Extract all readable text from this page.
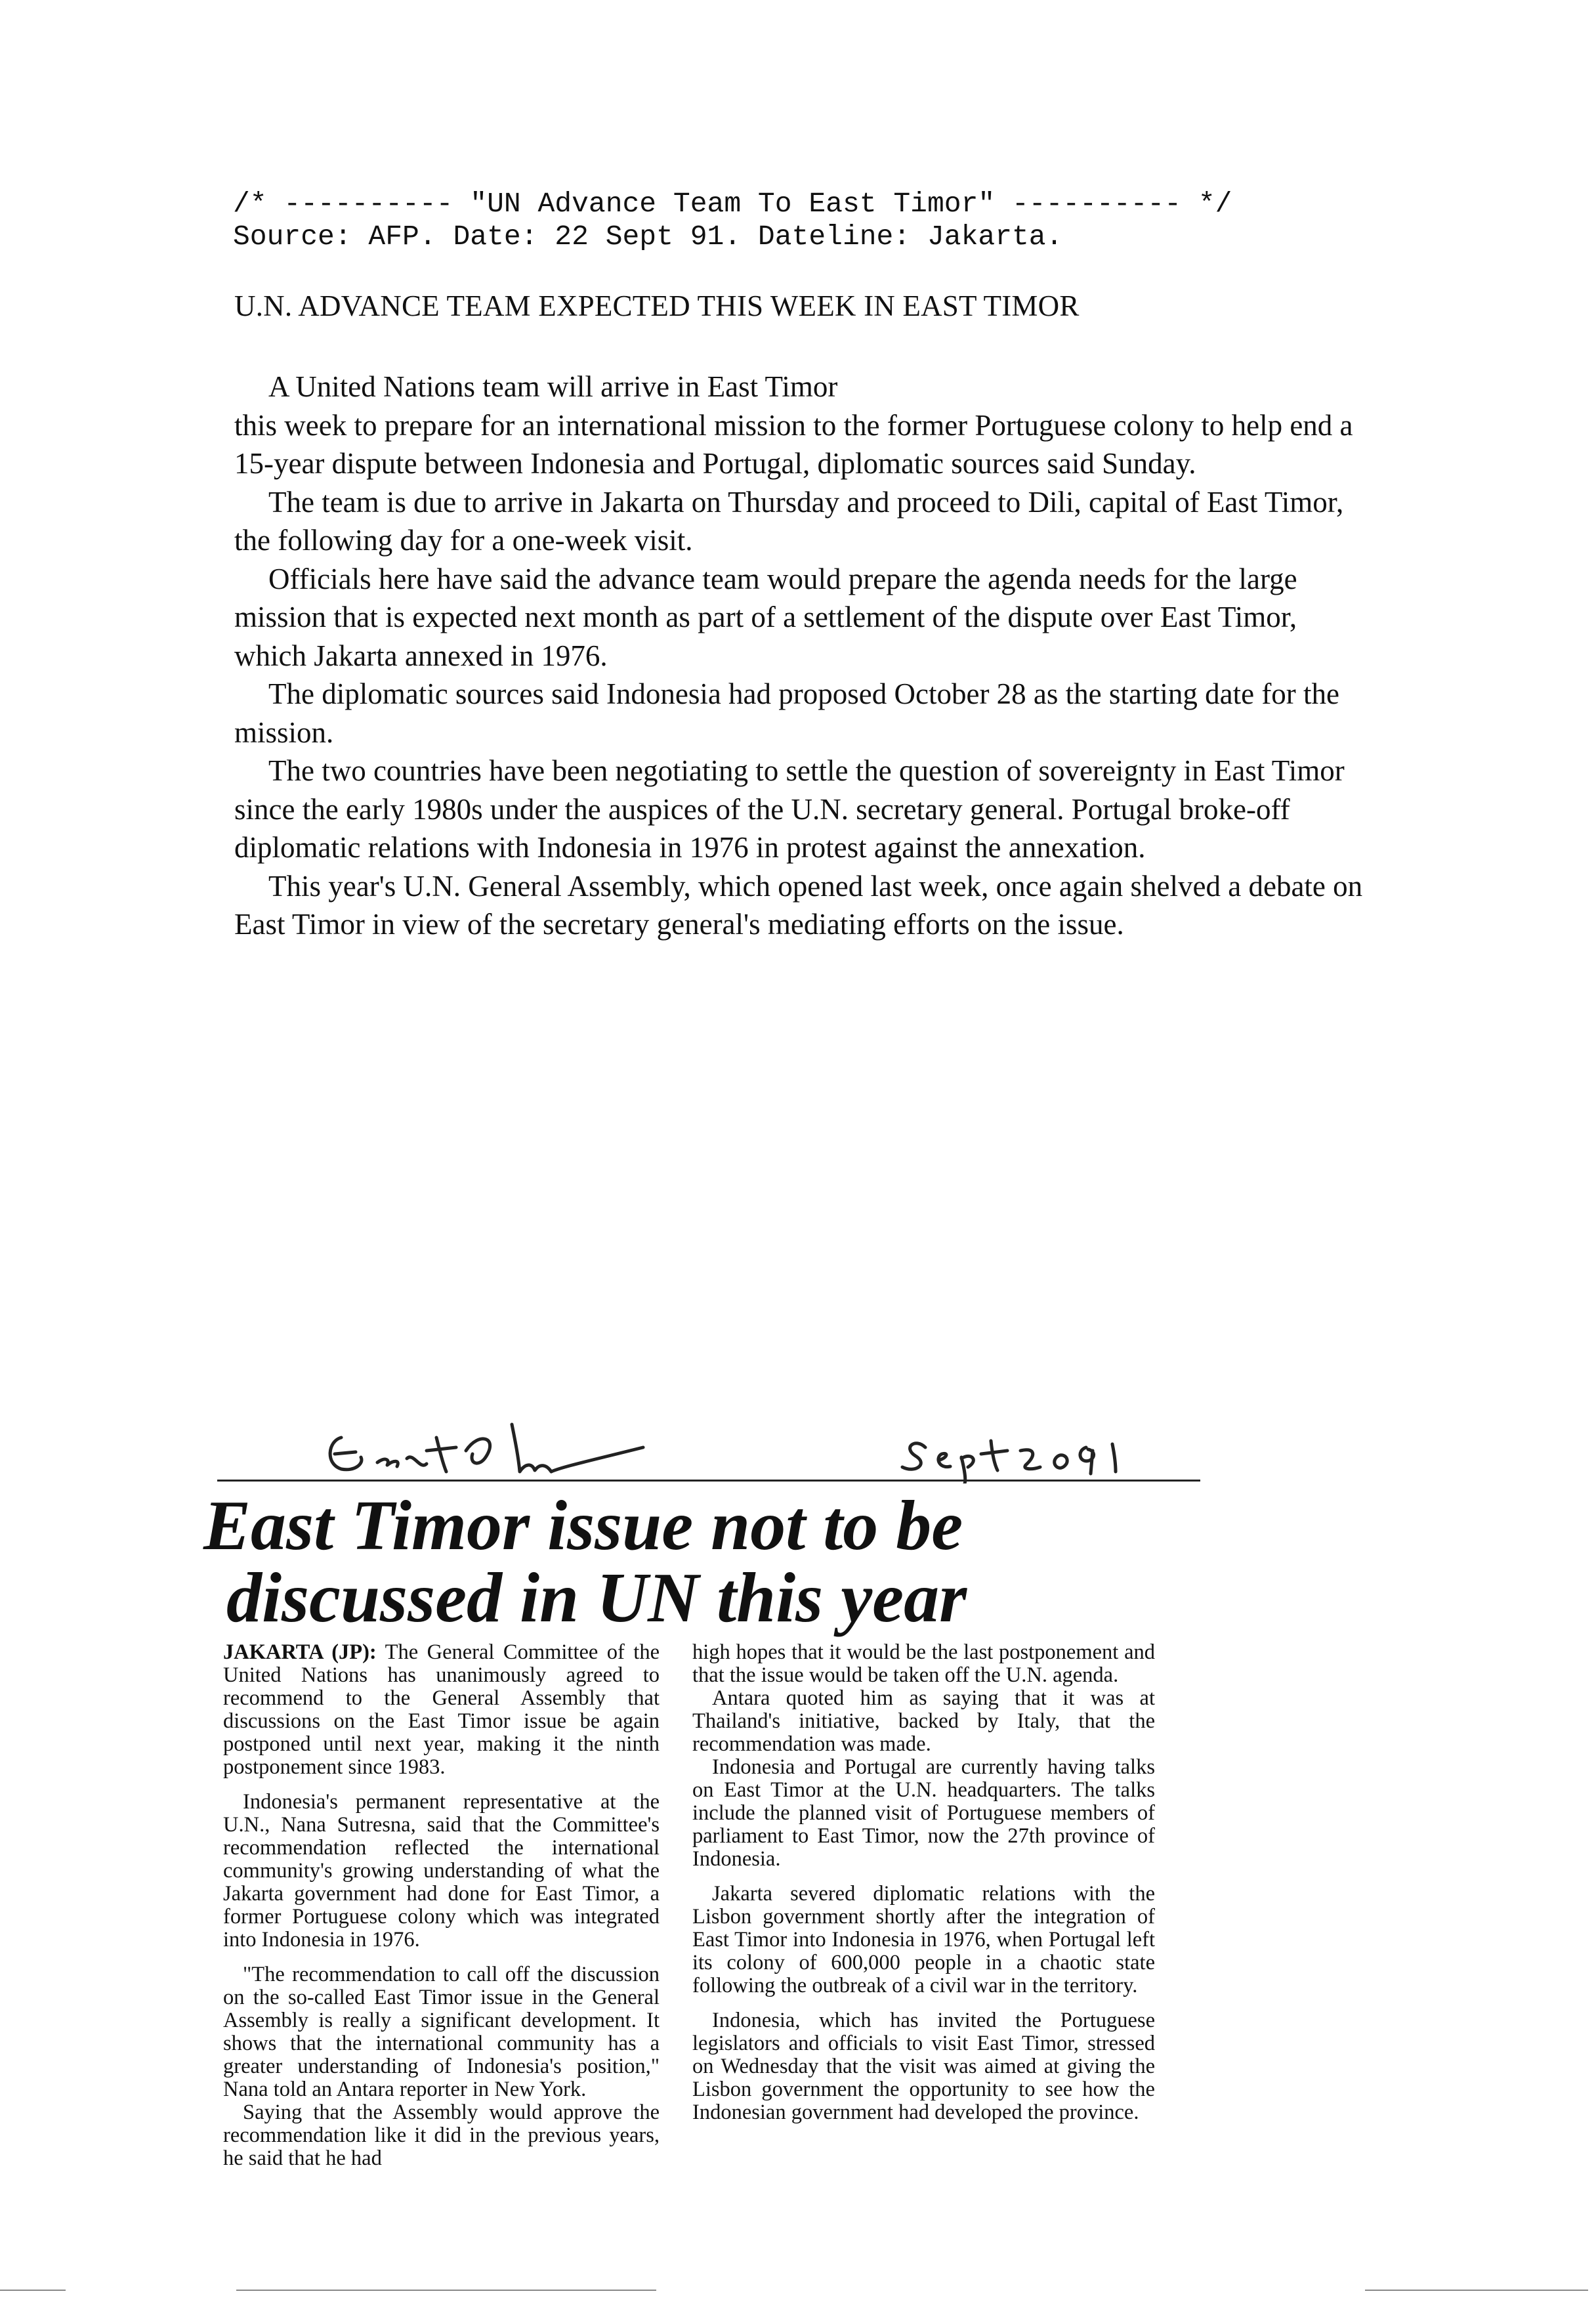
/* ---------- "UN Advance Team To East Timor" ---------- */
Source: AFP. Date: 22 Sept 91. Dateline: Jakarta.
U.N. ADVANCE TEAM EXPECTED THIS WEEK IN EAST TIMOR

A United Nations team will arrive in East Timor

this week to prepare for an international mission to the former Portuguese colony to help end a 15-year dispute between Indonesia and Portugal, diplomatic sources said Sunday.

The team is due to arrive in Jakarta on Thursday and proceed to Dili, capital of East Timor, the following day for a one-week visit.

Officials here have said the advance team would prepare the agenda needs for the large mission that is expected next month as part of a settlement of the dispute over East Timor, which Jakarta annexed in 1976.

The diplomatic sources said Indonesia had proposed October 28 as the starting date for the mission.

The two countries have been negotiating to settle the question of sovereignty in East Timor since the early 1980s under the auspices of the U.N. secretary general. Portugal broke-off diplomatic relations with Indonesia in 1976 in protest against the annexation.

This year's U.N. General Assembly, which opened last week, once again shelved a debate on East Timor in view of the secretary general's mediating efforts on the issue.

East Timor issue not to be
discussed in UN this year

JAKARTA (JP): The General Committee of the United Nations has unanimously agreed to recommend to the General Assembly that discussions on the East Timor issue be again postponed until next year, making it the ninth postponement since 1983.

Indonesia's permanent representative at the U.N., Nana Sutresna, said that the Committee's recommendation reflected the international community's growing understanding of what the Jakarta government had done for East Timor, a former Portuguese colony which was integrated into Indonesia in 1976.

"The recommendation to call off the discussion on the so-called East Timor issue in the General Assembly is really a significant development. It shows that the international community has a greater understanding of Indonesia's position," Nana told an Antara reporter in New York.

Saying that the Assembly would approve the recommendation like it did in the previous years, he said that he had

high hopes that it would be the last postponement and that the issue would be taken off the U.N. agenda.

Antara quoted him as saying that it was at Thailand's initiative, backed by Italy, that the recommendation was made.

Indonesia and Portugal are currently having talks on East Timor at the U.N. headquarters. The talks include the planned visit of Portuguese members of parliament to East Timor, now the 27th province of Indonesia.

Jakarta severed diplomatic relations with the Lisbon government shortly after the integration of East Timor into Indonesia in 1976, when Portugal left its colony of 600,000 people in a chaotic state following the outbreak of a civil war in the territory.

Indonesia, which has invited the Portuguese legislators and officials to visit East Timor, stressed on Wednesday that the visit was aimed at giving the Lisbon government the opportunity to see how the Indonesian government had developed the province.
